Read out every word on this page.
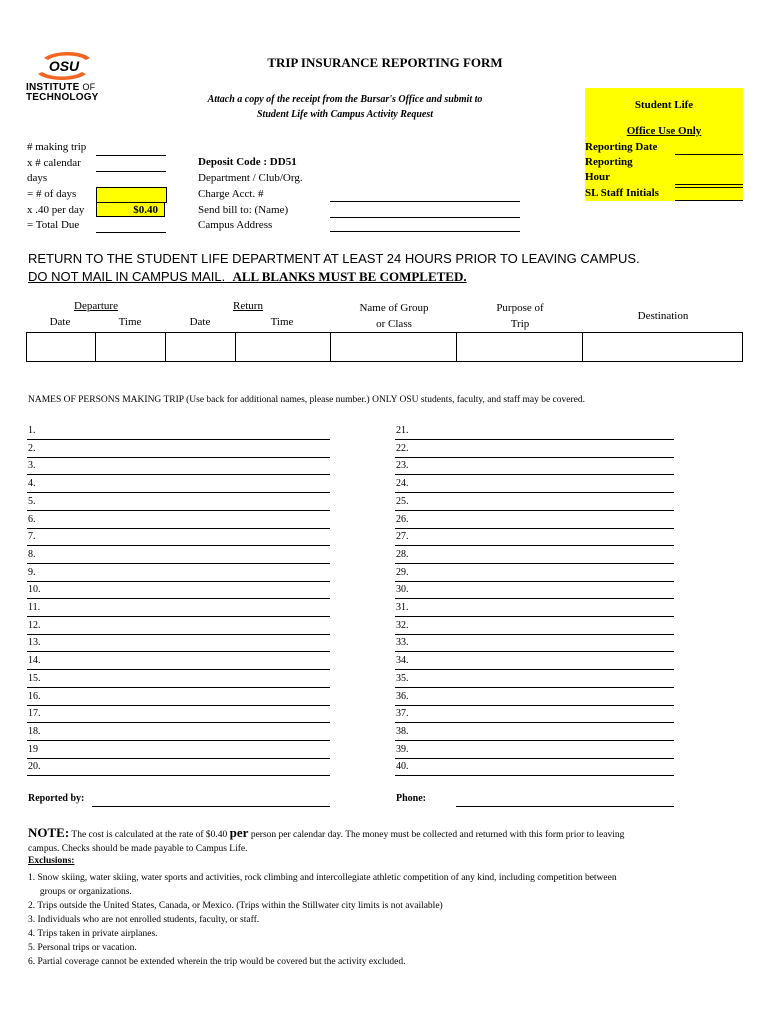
OSU
INSTITUTE OF
TECHNOLOGY
TRIP INSURANCE REPORTING FORM
Attach a copy of the receipt from the Bursar's Office and submit to
Student Life with Campus Activity Request
Student Life
Office Use Only
Reporting Date
Reporting
Hour
SL Staff Initials
# making trip
x # calendar
days
= # of days
x .40 per day	$0.40
= Total Due
Deposit Code : DD51
Department / Club/Org.
Charge Acct. #
Send bill to: (Name)
Campus Address
RETURN TO THE STUDENT LIFE DEPARTMENT AT LEAST 24 HOURS PRIOR TO LEAVING CAMPUS.
DO NOT MAIL IN CAMPUS MAIL. ALL BLANKS MUST BE COMPLETED.
Departure
Date	Time
Return
Date	Time
Name of Group
or Class
Purpose of
Trip
Destination
NAMES OF PERSONS MAKING TRIP (Use back for additional names, please number.) ONLY OSU students, faculty, and staff may be covered.
1.
2.
3.
4.
5.
6.
7.
8.
9.
10.
11.
12.
13.
14.
15.
16.
17.
18.
19
20.
21.
22.
23.
24.
25.
26.
27.
28.
29.
30.
31.
32.
33.
34.
35.
36.
37.
38.
39.
40.
Reported by:	Phone:
NOTE: The cost is calculated at the rate of $0.40 per person per calendar day. The money must be collected and returned with this form prior to leaving
campus. Checks should be made payable to Campus Life.
Exclusions:
1. Snow skiing, water skiing, water sports and activities, rock climbing and intercollegiate athletic competition of any kind, including competition between
groups or organizations.
2. Trips outside the United States, Canada, or Mexico. (Trips within the Stillwater city limits is not available)
3. Individuals who are not enrolled students, faculty, or staff.
4. Trips taken in private airplanes.
5. Personal trips or vacation.
6. Partial coverage cannot be extended wherein the trip would be covered but the activity excluded.
